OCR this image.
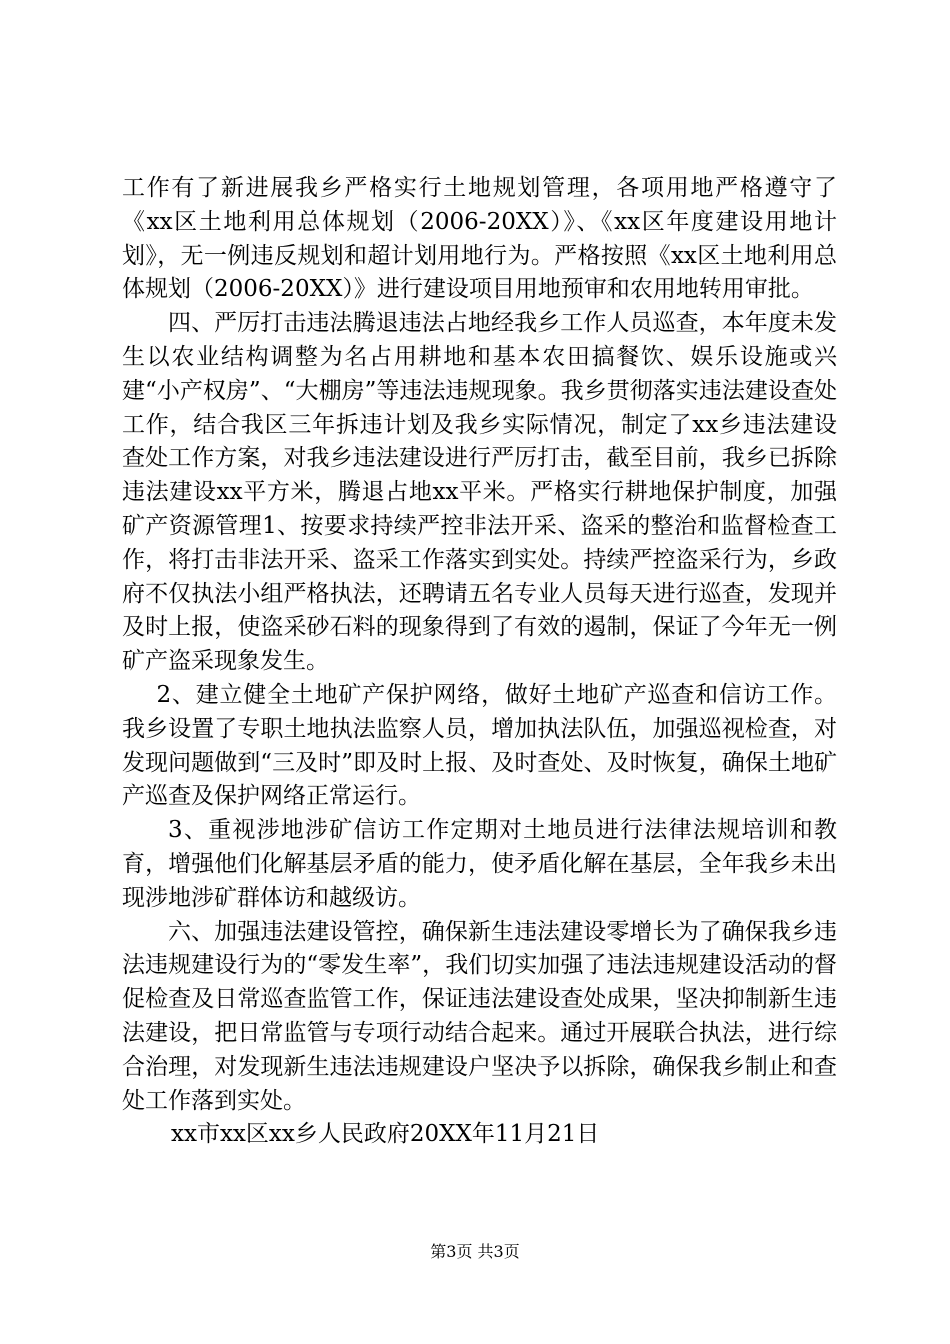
工作有了新进展我乡严格实行土地规划管理，各项用地严格遵守了《xx区土地利用总体规划（2006-20XX）》、《xx区年度建设用地计划》，无一例违反规划和超计划用地行为。严格按照《xx区土地利用总体规划（2006-20XX）》进行建设项目用地预审和农用地转用审批。

四、严厉打击违法腾退违法占地经我乡工作人员巡查，本年度未发生以农业结构调整为名占用耕地和基本农田搞餐饮、娱乐设施或兴建“小产权房”、“大棚房”等违法违规现象。我乡贯彻落实违法建设查处工作，结合我区三年拆违计划及我乡实际情况，制定了xx乡违法建设查处工作方案，对我乡违法建设进行严厉打击，截至目前，我乡已拆除违法建设xx平方米，腾退占地xx平米。严格实行耕地保护制度，加强矿产资源管理1、按要求持续严控非法开采、盗采的整治和监督检查工作，将打击非法开采、盗采工作落实到实处。持续严控盗采行为，乡政府不仅执法小组严格执法，还聘请五名专业人员每天进行巡查，发现并及时上报，使盗采砂石料的现象得到了有效的遏制，保证了今年无一例矿产盗采现象发生。

2、建立健全土地矿产保护网络，做好土地矿产巡查和信访工作。我乡设置了专职土地执法监察人员，增加执法队伍，加强巡视检查，对发现问题做到“三及时”即及时上报、及时查处、及时恢复，确保土地矿产巡查及保护网络正常运行。

3、重视涉地涉矿信访工作定期对土地员进行法律法规培训和教育，增强他们化解基层矛盾的能力，使矛盾化解在基层，全年我乡未出现涉地涉矿群体访和越级访。

六、加强违法建设管控，确保新生违法建设零增长为了确保我乡违法违规建设行为的“零发生率”，我们切实加强了违法违规建设活动的督促检查及日常巡查监管工作，保证违法建设查处成果，坚决抑制新生违法建设，把日常监管与专项行动结合起来。通过开展联合执法，进行综合治理，对发现新生违法违规建设户坚决予以拆除，确保我乡制止和查处工作落到实处。

xx市xx区xx乡人民政府20XX年11月21日
第3页 共3页
